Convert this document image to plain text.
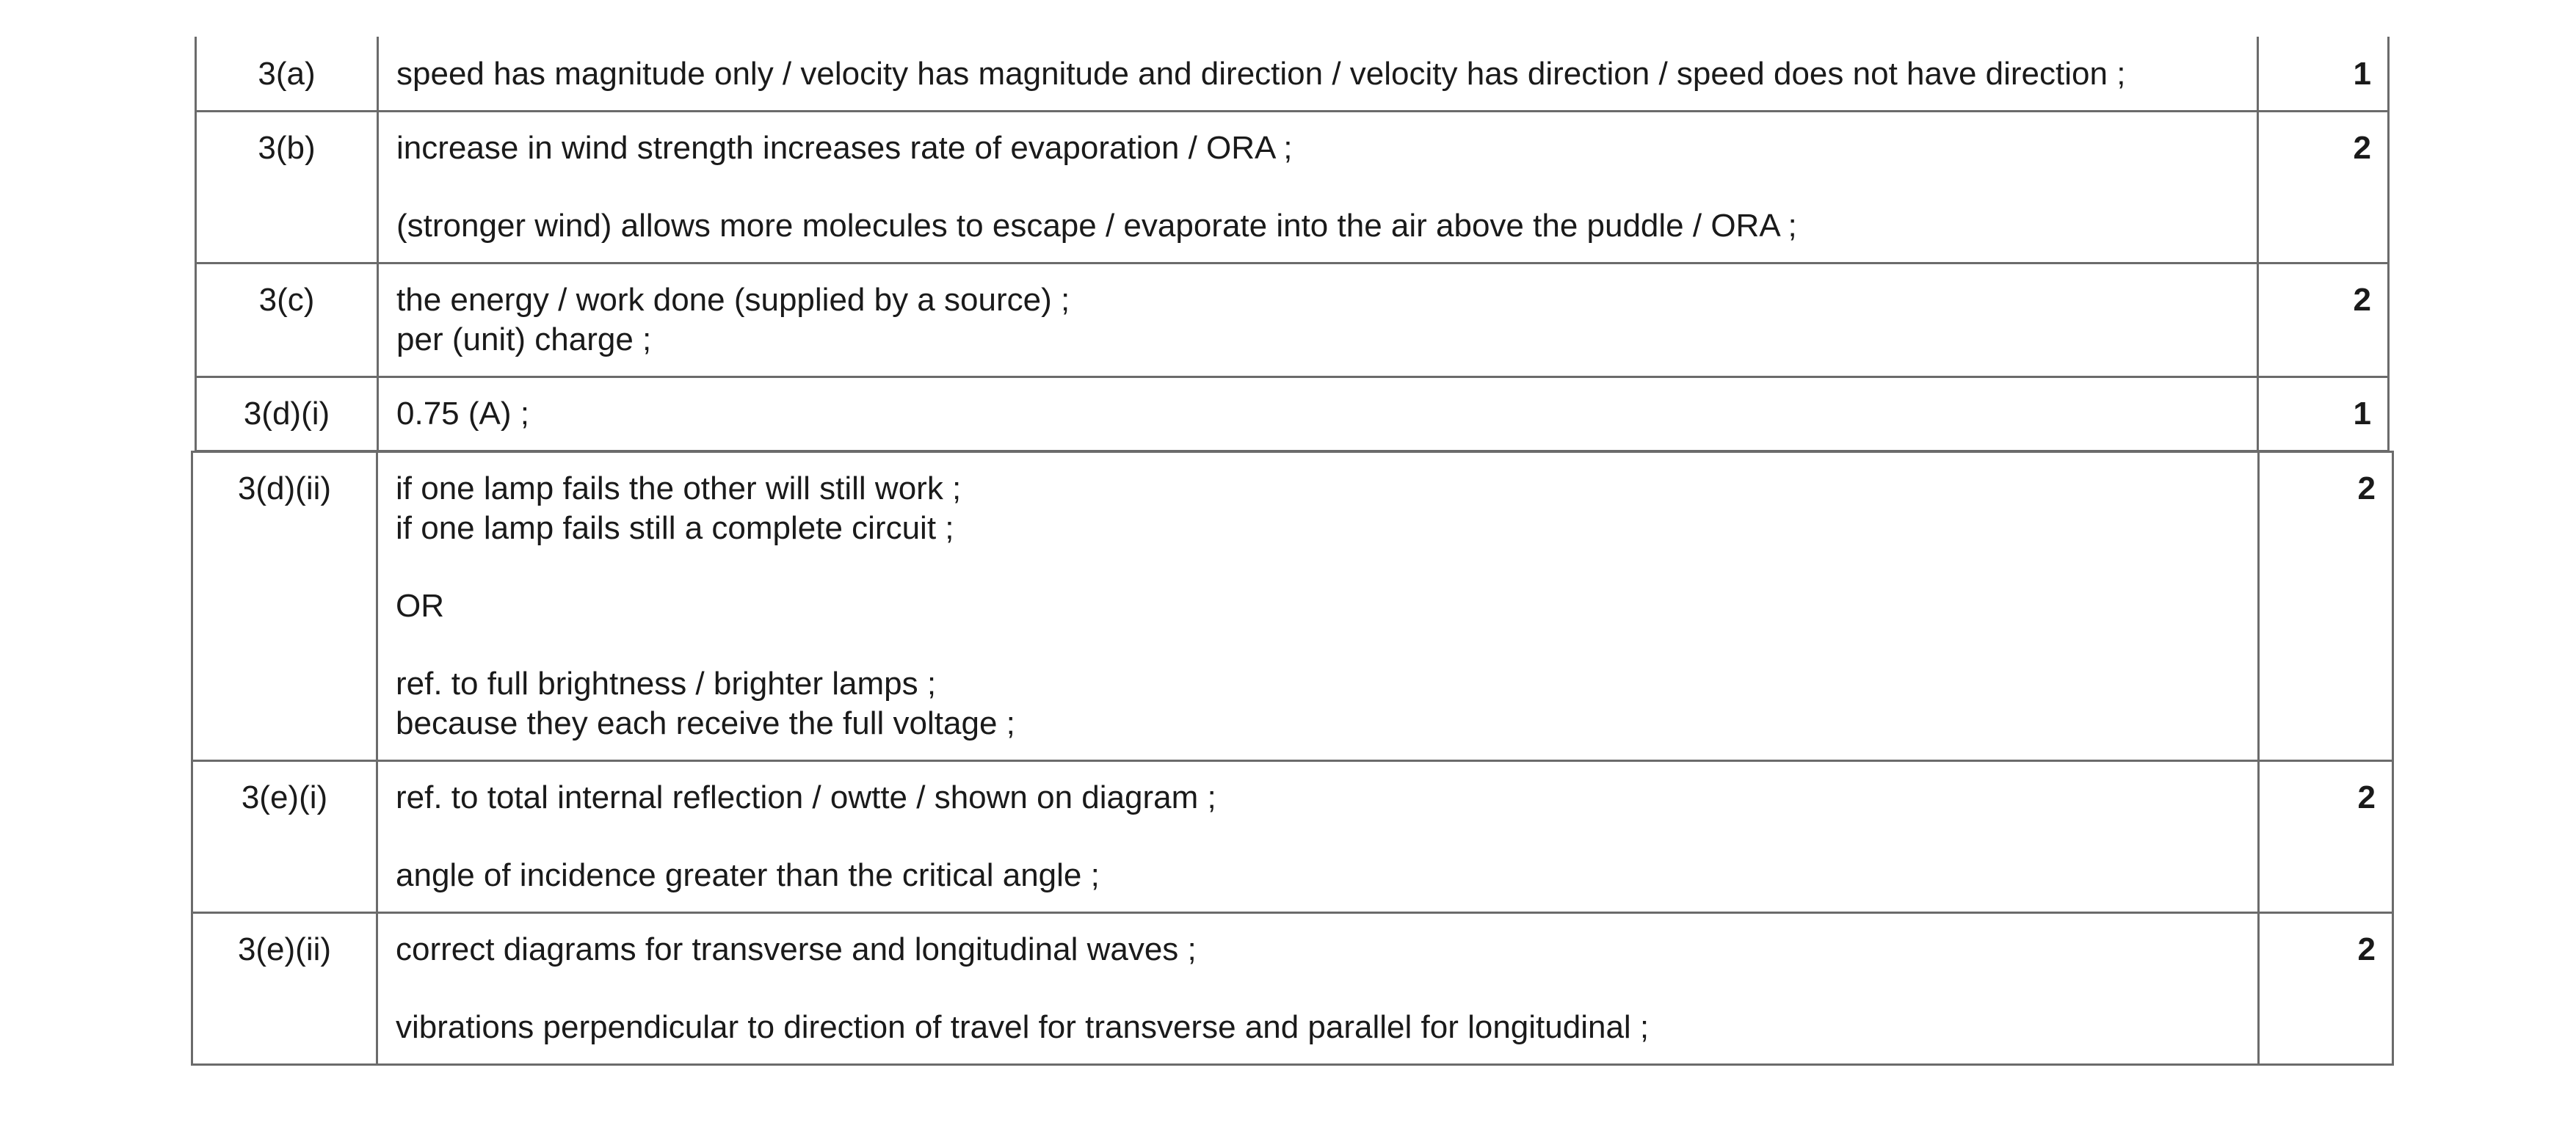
3(a)	speed has magnitude only / velocity has magnitude and direction / velocity has direction / speed does not have direction ;	1
3(b)	increase in wind strength increases rate of evaporation / ORA ;
(stronger wind) allows more molecules to escape / evaporate into the air above the puddle / ORA ;	2
3(c)	the energy / work done (supplied by a source) ;
per (unit) charge ;	2
3(d)(i)	0.75 (A) ;	1
3(d)(ii)	if one lamp fails the other will still work ;
if one lamp fails still a complete circuit ;
OR
ref. to full brightness / brighter lamps ;
because they each receive the full voltage ;	2
3(e)(i)	ref. to total internal reflection / owtte / shown on diagram ;
angle of incidence greater than the critical angle ;	2
3(e)(ii)	correct diagrams for transverse and longitudinal waves ;
vibrations perpendicular to direction of travel for transverse and parallel for longitudinal ;	2
